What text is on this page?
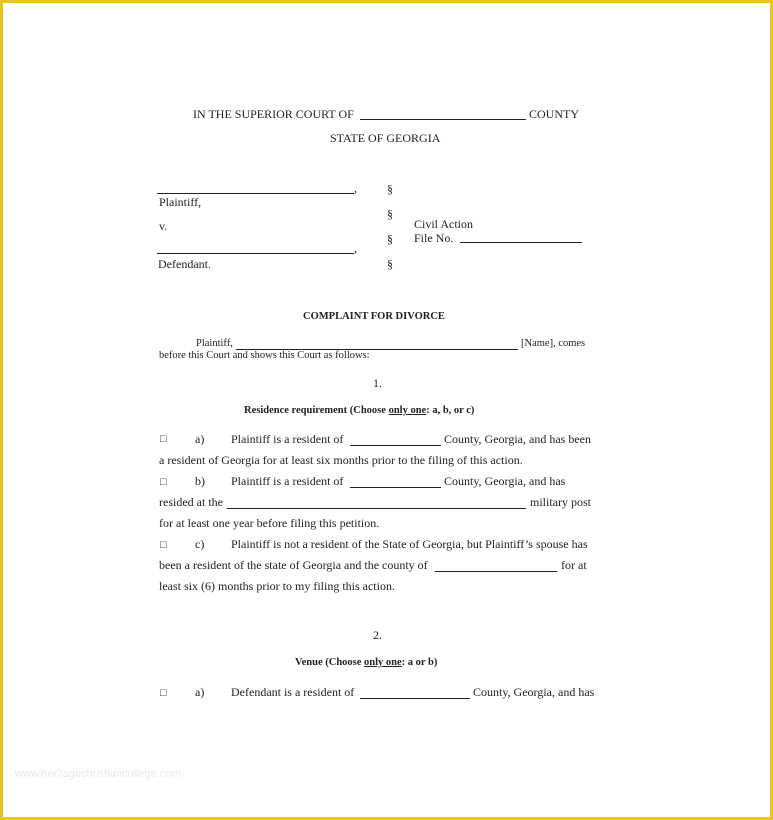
IN THE SUPERIOR COURT OF	COUNTY
STATE OF GEORGIA
,
Plaintiff,
v.
,
Defendant.
§
§
§
§
Civil Action
File No.
COMPLAINT FOR DIVORCE
Plaintiff,	[Name], comes
before this Court and shows this Court as follows:
1.
Residence requirement (Choose only one: a, b, or c)
□ a) Plaintiff is a resident of	County, Georgia, and has been
a resident of Georgia for at least six months prior to the filing of this action.
□ b) Plaintiff is a resident of	County, Georgia, and has
resided at the	military post
for at least one year before filing this petition.
□ c) Plaintiff is not a resident of the State of Georgia, but Plaintiff’s spouse has
been a resident of the state of Georgia and the county of	for at
least six (6) months prior to my filing this action.
2.
Venue (Choose only one: a or b)
□ a) Defendant is a resident of	County, Georgia, and has
www.heritagechristiancollege.com
